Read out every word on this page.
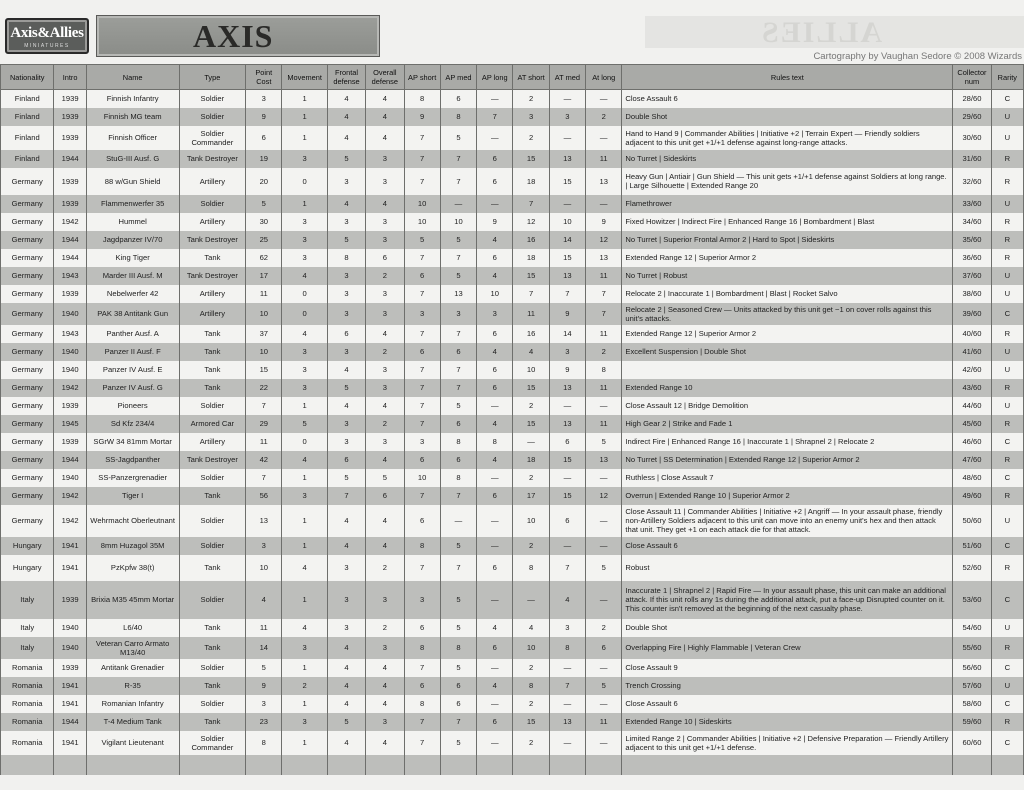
Axis&Allies
MINIATURES	AXIS	ALLIES
Cartography by Vaughan Sedore © 2008 Wizards
Nationality	Intro	Name	Type	Point Cost	Movement	Frontal defense	Overall defense	AP short	AP med	AP long	AT short	AT med	At long	Rules text	Collector num	Rarity
Finland	1939	Finnish Infantry	Soldier	3	1	4	4	8	6	—	2	—	—	Close Assault 6	28/60	C
Finland	1939	Finnish MG team	Soldier	9	1	4	4	9	8	7	3	3	2	Double Shot	29/60	U
Finland	1939	Finnish Officer	Soldier Commander	6	1	4	4	7	5	—	2	—	—	Hand to Hand 9 | Commander Abilities | Initiative +2 | Terrain Expert — Friendly soldiers adjacent to this unit get +1/+1 defense against long-range attacks.	30/60	U
Finland	1944	StuG-III Ausf. G	Tank Destroyer	19	3	5	3	7	7	6	15	13	11	No Turret | Sideskirts	31/60	R
Germany	1939	88 w/Gun Shield	Artillery	20	0	3	3	7	7	6	18	15	13	Heavy Gun | Antiair | Gun Shield — This unit gets +1/+1 defense against Soldiers at long range. | Large Silhouette | Extended Range 20	32/60	R
Germany	1939	Flammenwerfer 35	Soldier	5	1	4	4	10	—	—	7	—	—	Flamethrower	33/60	U
Germany	1942	Hummel	Artillery	30	3	3	3	10	10	9	12	10	9	Fixed Howitzer | Indirect Fire | Enhanced Range 16 | Bombardment | Blast	34/60	R
Germany	1944	Jagdpanzer IV/70	Tank Destroyer	25	3	5	3	5	5	4	16	14	12	No Turret | Superior Frontal Armor 2 | Hard to Spot | Sideskirts	35/60	R
Germany	1944	King Tiger	Tank	62	3	8	6	7	7	6	18	15	13	Extended Range 12 | Superior Armor 2	36/60	R
Germany	1943	Marder III Ausf. M	Tank Destroyer	17	4	3	2	6	5	4	15	13	11	No Turret | Robust	37/60	U
Germany	1939	Nebelwerfer 42	Artillery	11	0	3	3	7	13	10	7	7	7	Relocate 2 | Inaccurate 1 | Bombardment | Blast | Rocket Salvo	38/60	U
Germany	1940	PAK 38 Antitank Gun	Artillery	10	0	3	3	3	3	3	11	9	7	Relocate 2 | Seasoned Crew — Units attacked by this unit get −1 on cover rolls against this unit's attacks.	39/60	C
Germany	1943	Panther Ausf. A	Tank	37	4	6	4	7	7	6	16	14	11	Extended Range 12 | Superior Armor 2	40/60	R
Germany	1940	Panzer II Ausf. F	Tank	10	3	3	2	6	6	4	4	3	2	Excellent Suspension | Double Shot	41/60	U
Germany	1940	Panzer IV Ausf. E	Tank	15	3	4	3	7	7	6	10	9	8		42/60	U
Germany	1942	Panzer IV Ausf. G	Tank	22	3	5	3	7	7	6	15	13	11	Extended Range 10	43/60	R
Germany	1939	Pioneers	Soldier	7	1	4	4	7	5	—	2	—	—	Close Assault 12 | Bridge Demolition	44/60	U
Germany	1945	Sd Kfz 234/4	Armored Car	29	5	3	2	7	6	4	15	13	11	High Gear 2 | Strike and Fade 1	45/60	R
Germany	1939	SGrW 34 81mm Mortar	Artillery	11	0	3	3	3	8	8	—	6	5	Indirect Fire | Enhanced Range 16 | Inaccurate 1 | Shrapnel 2 | Relocate 2	46/60	C
Germany	1944	SS-Jagdpanther	Tank Destroyer	42	4	6	4	6	6	4	18	15	13	No Turret | SS Determination | Extended Range 12 | Superior Armor 2	47/60	R
Germany	1940	SS-Panzergrenadier	Soldier	7	1	5	5	10	8	—	2	—	—	Ruthless | Close Assault 7	48/60	C
Germany	1942	Tiger I	Tank	56	3	7	6	7	7	6	17	15	12	Overrun | Extended Range 10 | Superior Armor 2	49/60	R
Germany	1942	Wehrmacht Oberleutnant	Soldier	13	1	4	4	6	—	—	10	6	—	Close Assault 11 | Commander Abilities | Initiative +2 | Angriff — In your assault phase, friendly non-Artillery Soldiers adjacent to this unit can move into an enemy unit's hex and then attack that unit. They get +1 on each attack die for that attack.	50/60	U
Hungary	1941	8mm Huzagol 35M	Soldier	3	1	4	4	8	5	—	2	—	—	Close Assault 6	51/60	C
Hungary	1941	PzKpfw 38(t)	Tank	10	4	3	2	7	7	6	8	7	5	Robust	52/60	R
Italy	1939	Brixia M35 45mm Mortar	Soldier	4	1	3	3	3	5	—	—	4	—	Inaccurate 1 | Shrapnel 2 | Rapid Fire — In your assault phase, this unit can make an additional attack. If this unit rolls any 1s during the additional attack, put a face-up Disrupted counter on it. This counter isn't removed at the beginning of the next casualty phase.	53/60	C
Italy	1940	L6/40	Tank	11	4	3	2	6	5	4	4	3	2	Double Shot	54/60	U
Italy	1940	Veteran Carro Armato M13/40	Tank	14	3	4	3	8	8	6	10	8	6	Overlapping Fire | Highly Flammable | Veteran Crew	55/60	R
Romania	1939	Antitank Grenadier	Soldier	5	1	4	4	7	5	—	2	—	—	Close Assault 9	56/60	C
Romania	1941	R-35	Tank	9	2	4	4	6	6	4	8	7	5	Trench Crossing	57/60	U
Romania	1941	Romanian Infantry	Soldier	3	1	4	4	8	6	—	2	—	—	Close Assault 6	58/60	C
Romania	1944	T-4 Medium Tank	Tank	23	3	5	3	7	7	6	15	13	11	Extended Range 10 | Sideskirts	59/60	R
Romania	1941	Vigilant Lieutenant	Soldier Commander	8	1	4	4	7	5	—	2	—	—	Limited Range 2 | Commander Abilities | Initiative +2 | Defensive Preparation — Friendly Artillery adjacent to this unit get +1/+1 defense.	60/60	C
